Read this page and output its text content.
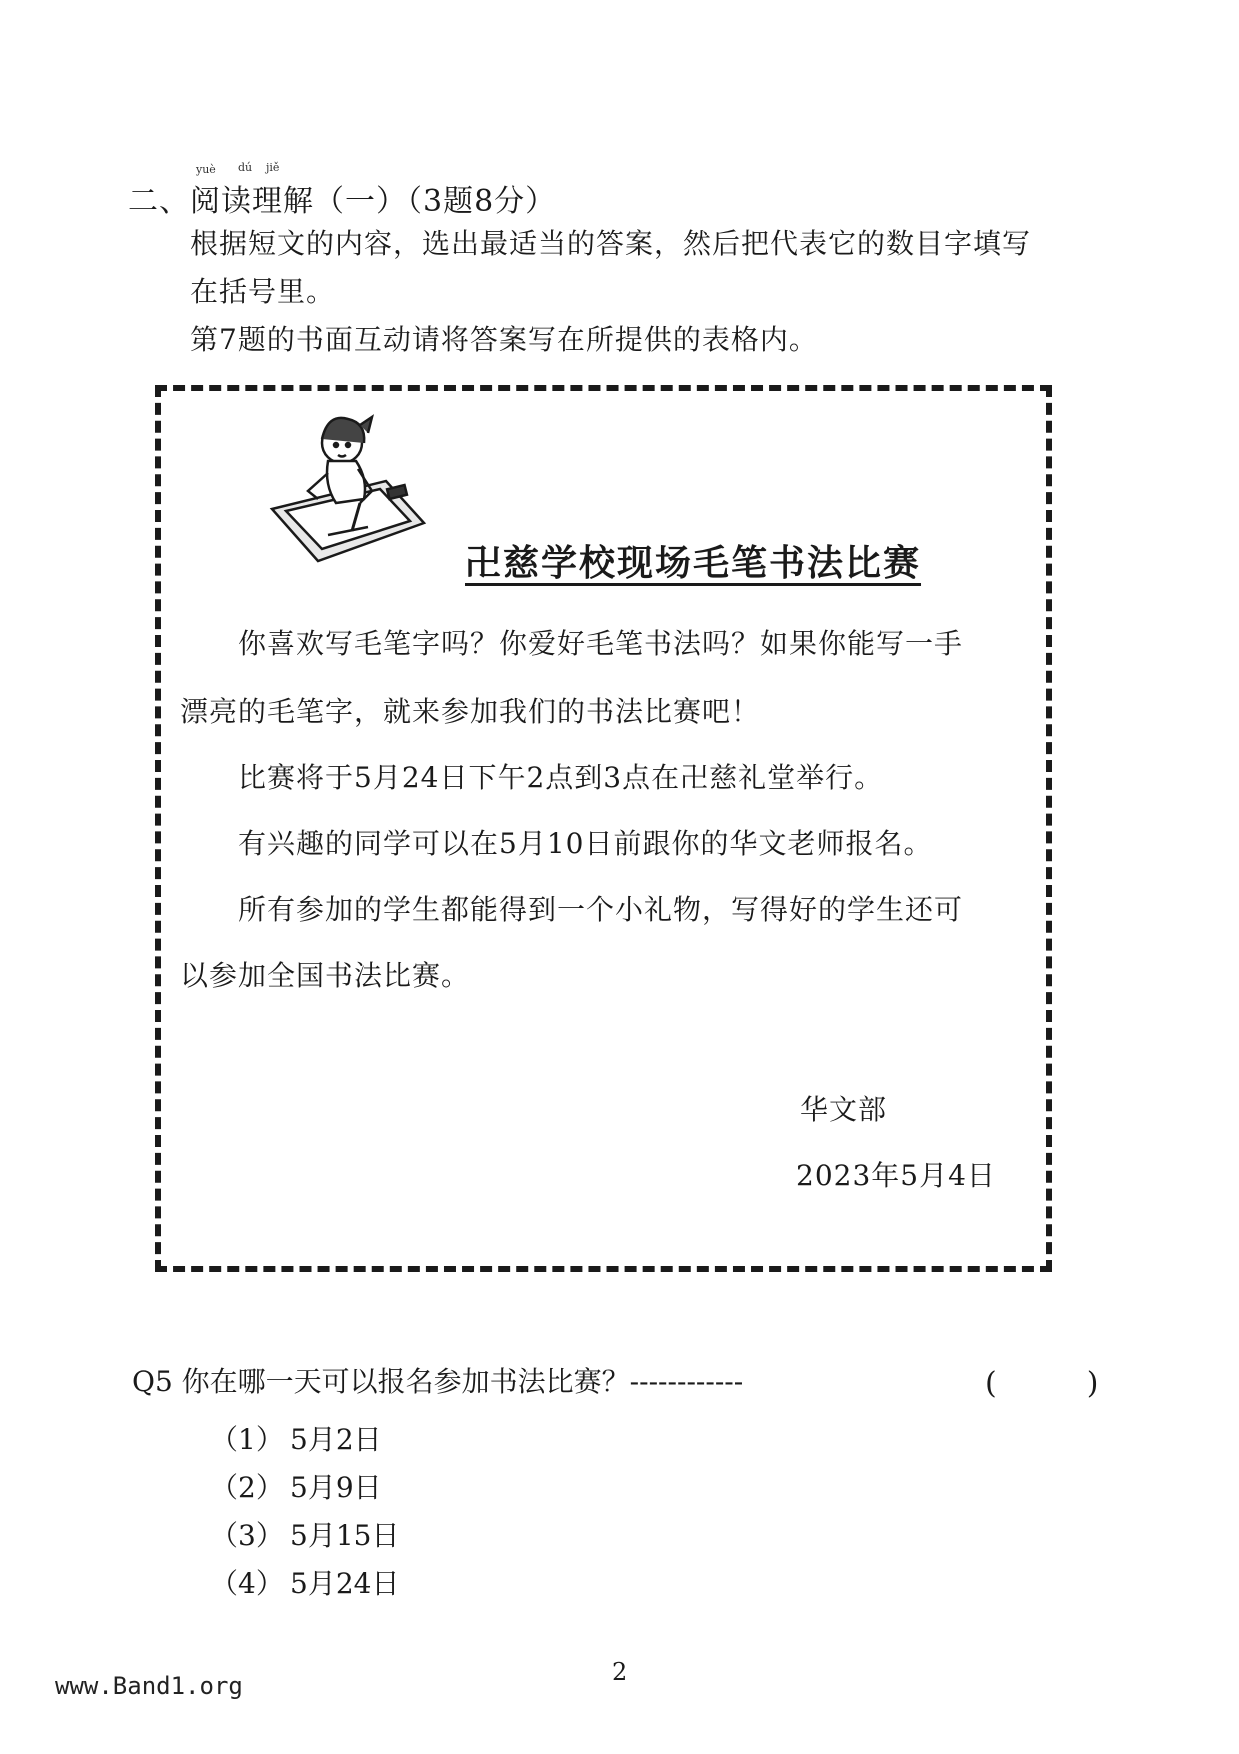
yuè dú jiě
二、阅读理解（一）（3题8分）
根据短文的内容，选出最适当的答案，然后把代表它的数目字填写
在括号里。
第7题的书面互动请将答案写在所提供的表格内。
卍慈学校现场毛笔书法比赛
你喜欢写毛笔字吗？你爱好毛笔书法吗？如果你能写一手
漂亮的毛笔字，就来参加我们的书法比赛吧！
比赛将于5月24日下午2点到3点在卍慈礼堂举行。
有兴趣的同学可以在5月10日前跟你的华文老师报名。
所有参加的学生都能得到一个小礼物，写得好的学生还可
以参加全国书法比赛。
华文部
2023年5月4日
Q5 你在哪一天可以报名参加书法比赛？------------	(　　　)
（1） 5月2日
（2） 5月9日
（3） 5月15日
（4） 5月24日
2
www.Band1.org
